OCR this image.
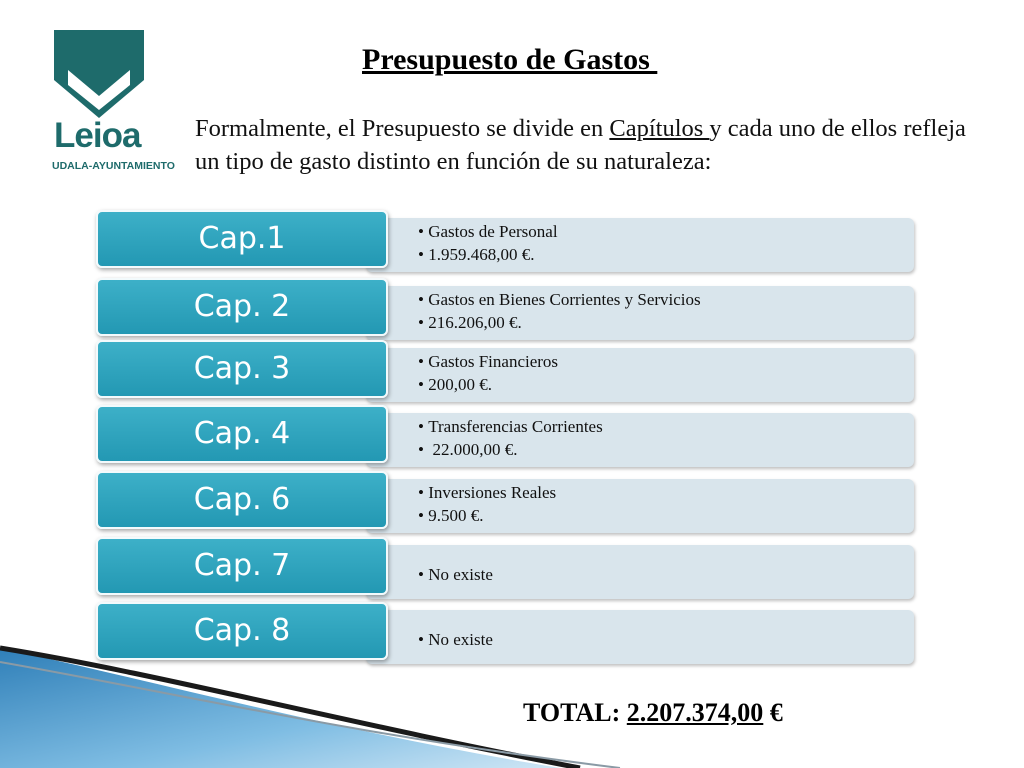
Leioa
UDALA-AYUNTAMIENTO
Presupuesto de Gastos
Formalmente, el Presupuesto se divide en Capítulos y cada uno de ellos refleja un tipo de gasto distinto en función de su naturaleza:
Cap.1	• Gastos de Personal
• 1.959.468,00 €.
Cap. 2	• Gastos en Bienes Corrientes y Servicios
• 216.206,00 €.
Cap. 3	• Gastos Financieros
• 200,00 €.
Cap. 4	• Transferencias Corrientes
•  22.000,00 €.
Cap. 6	• Inversiones Reales
• 9.500 €.
Cap. 7	• No existe
Cap. 8	• No existe
TOTAL: 2.207.374,00 €
